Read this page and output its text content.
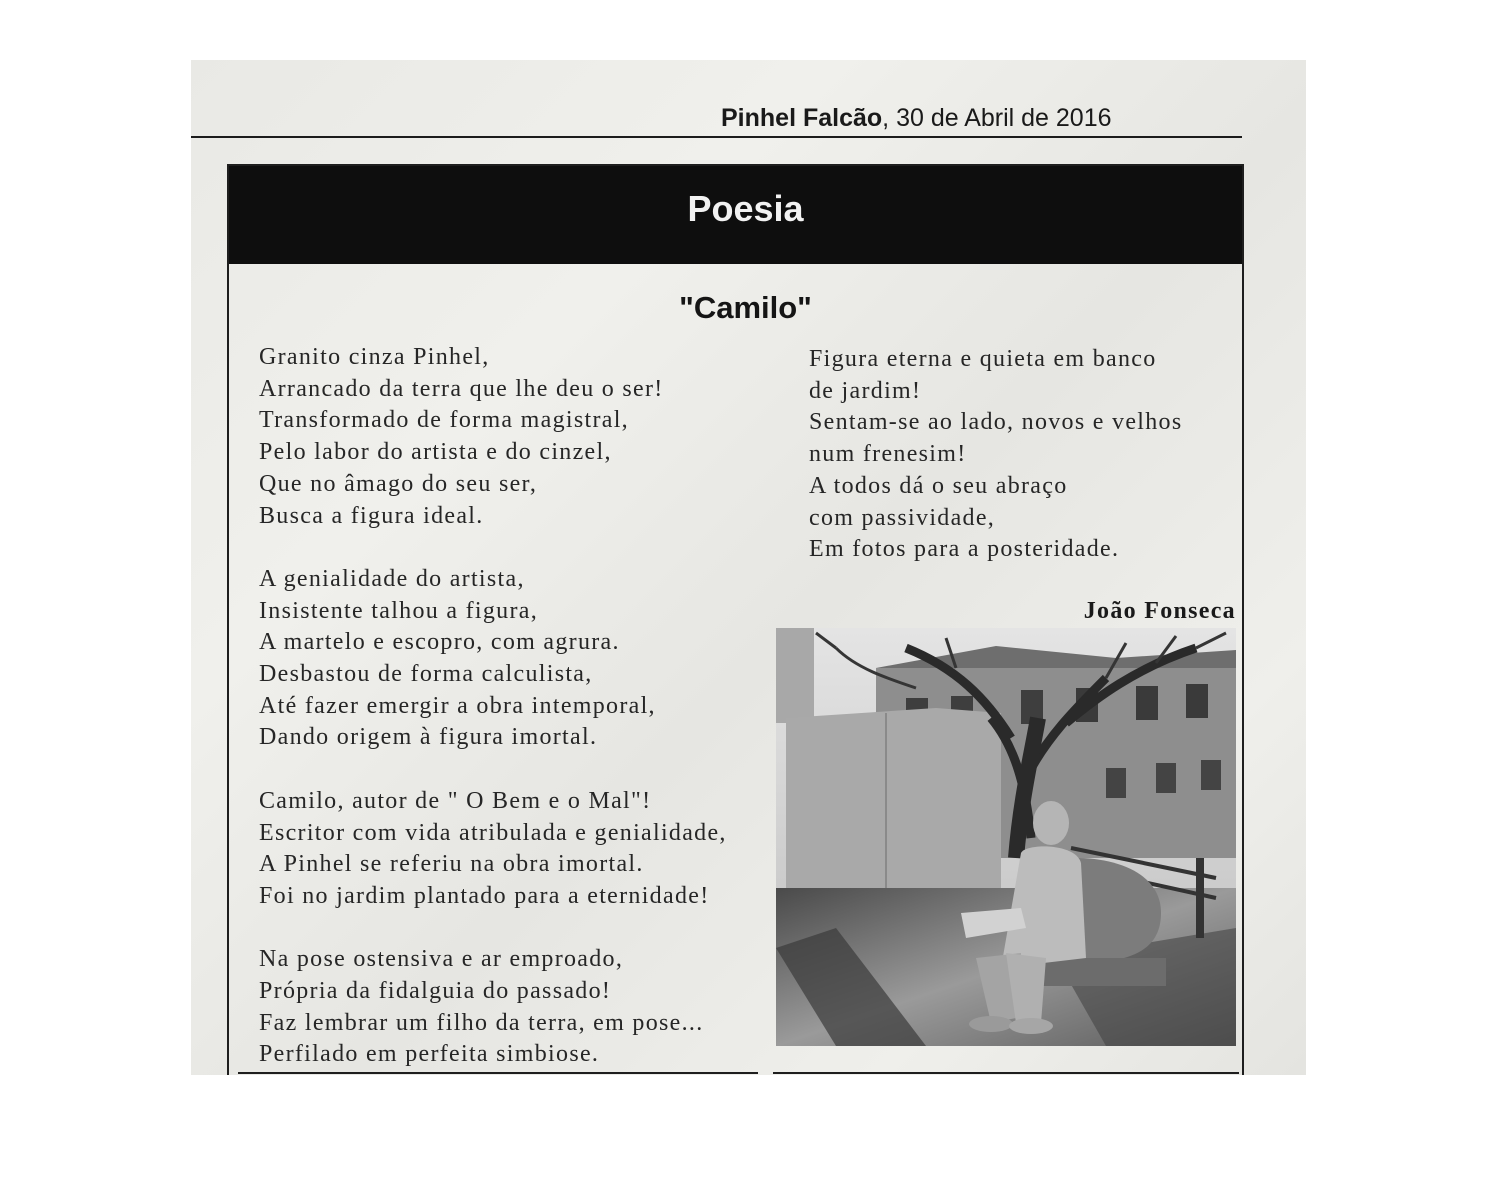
Pinhel Falcão, 30 de Abril de 2016
Poesia
"Camilo"
Granito cinza Pinhel,
Arrancado da terra que lhe deu o ser!
Transformado de forma magistral,
Pelo labor do artista e do cinzel,
Que no âmago do seu ser,
Busca a figura ideal.
A genialidade do artista,
Insistente talhou a figura,
A martelo e escopro, com agrura.
Desbastou de forma calculista,
Até fazer emergir a obra intemporal,
Dando origem à figura imortal.
Camilo, autor de " O Bem e o Mal"!
Escritor com vida atribulada e genialidade,
A Pinhel se referiu na obra imortal.
Foi no jardim plantado para a eternidade!
Na pose ostensiva e ar emproado,
Própria da fidalguia do passado!
Faz lembrar um filho da terra, em pose...
Perfilado em perfeita simbiose.
Figura eterna e quieta em banco
de jardim!
Sentam-se ao lado, novos e velhos
num frenesim!
A todos dá o seu abraço
com passividade,
Em fotos para a posteridade.
João Fonseca
